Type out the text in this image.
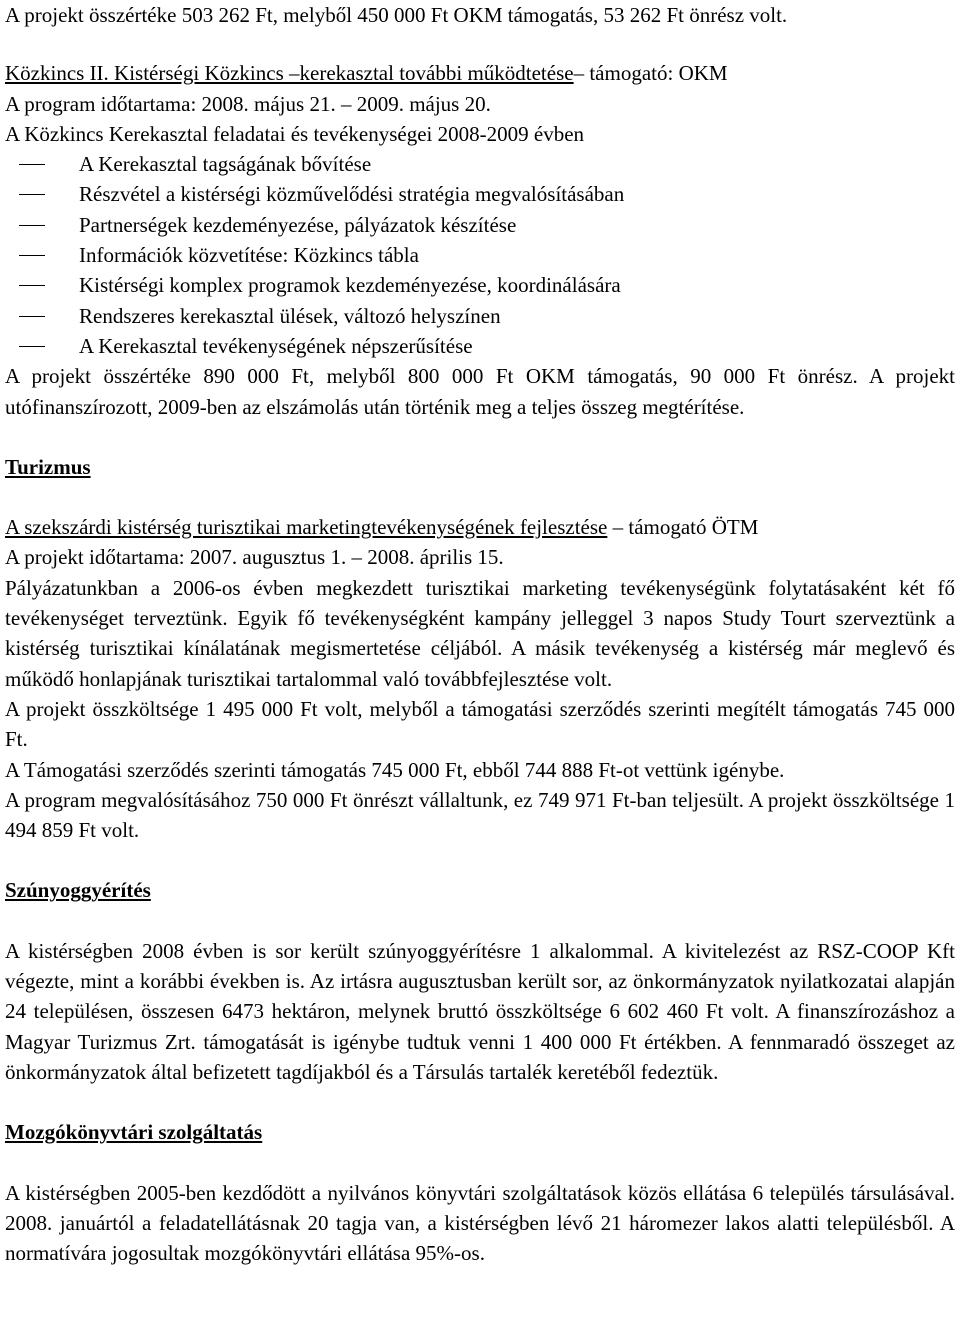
A projekt összértéke 503 262 Ft, melyből 450 000 Ft OKM támogatás, 53 262 Ft önrész volt.

Közkincs II. Kistérségi Közkincs –kerekasztal további működtetése– támogató: OKM

A program időtartama: 2008. május 21. – 2009. május 20.

A Közkincs Kerekasztal feladatai és tevékenységei 2008-2009 évben

A Kerekasztal tagságának bővítése
Részvétel a kistérségi közművelődési stratégia megvalósításában
Partnerségek kezdeményezése, pályázatok készítése
Információk közvetítése: Közkincs tábla
Kistérségi komplex programok kezdeményezése, koordinálására
Rendszeres kerekasztal ülések, változó helyszínen
A Kerekasztal tevékenységének népszerűsítése

A projekt összértéke 890 000 Ft, melyből 800 000 Ft OKM támogatás, 90 000 Ft önrész. A projekt utófinanszírozott, 2009-ben az elszámolás után történik meg a teljes összeg megtérítése.

Turizmus

A szekszárdi kistérség turisztikai marketingtevékenységének fejlesztése – támogató ÖTM

A projekt időtartama: 2007. augusztus 1. – 2008. április 15.

Pályázatunkban a 2006-os évben megkezdett turisztikai marketing tevékenységünk folytatásaként két fő tevékenységet terveztünk. Egyik fő tevékenységként kampány jelleggel 3 napos Study Tourt szerveztünk a kistérség turisztikai kínálatának megismertetése céljából. A másik tevékenység a kistérség már meglevő és működő honlapjának turisztikai tartalommal való továbbfejlesztése volt.

A projekt összköltsége 1 495 000 Ft volt, melyből a támogatási szerződés szerinti megítélt támogatás 745 000 Ft.

A Támogatási szerződés szerinti támogatás 745 000 Ft, ebből 744 888 Ft-ot vettünk igénybe.

A program megvalósításához 750 000 Ft önrészt vállaltunk, ez 749 971 Ft-ban teljesült. A projekt összköltsége 1 494 859 Ft volt.

Szúnyoggyérítés

A kistérségben 2008 évben is sor került szúnyoggyérítésre 1 alkalommal. A kivitelezést az RSZ-COOP Kft végezte, mint a korábbi években is. Az irtásra augusztusban került sor, az önkormányzatok nyilatkozatai alapján 24 településen, összesen 6473 hektáron, melynek bruttó összköltsége 6 602 460 Ft volt. A finanszírozáshoz a Magyar Turizmus Zrt. támogatását is igénybe tudtuk venni 1 400 000 Ft értékben. A fennmaradó összeget az önkormányzatok által befizetett tagdíjakból és a Társulás tartalék keretéből fedeztük.

Mozgókönyvtári szolgáltatás

A kistérségben 2005-ben kezdődött a nyilvános könyvtári szolgáltatások közös ellátása 6 település társulásával. 2008. januártól a feladatellátásnak 20 tagja van, a kistérségben lévő 21 háromezer lakos alatti településből. A normatívára jogosultak mozgókönyvtári ellátása 95%-os.
